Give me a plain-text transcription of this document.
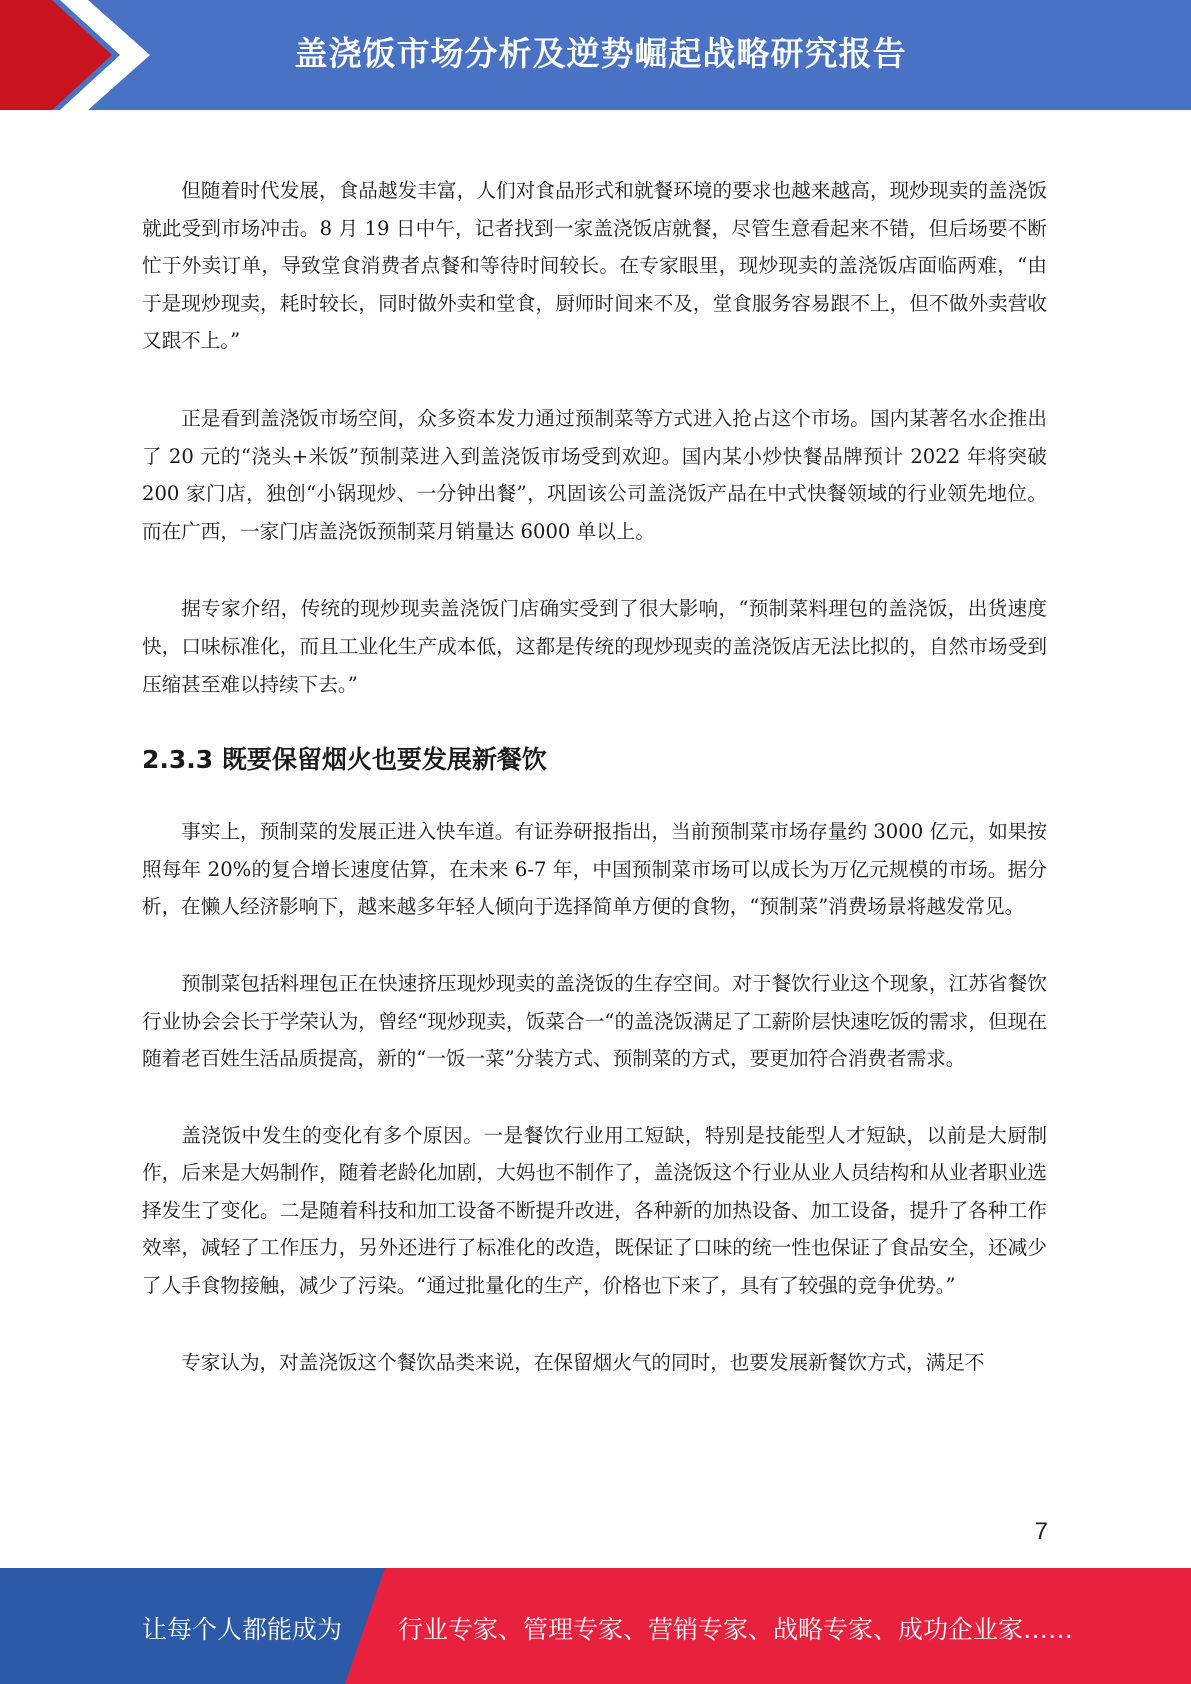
盖浇饭市场分析及逆势崛起战略研究报告

但随着时代发展，食品越发丰富，人们对食品形式和就餐环境的要求也越来越高，现炒现卖的盖浇饭就此受到市场冲击。8 月 19 日中午，记者找到一家盖浇饭店就餐，尽管生意看起来不错，但后场要不断忙于外卖订单，导致堂食消费者点餐和等待时间较长。在专家眼里，现炒现卖的盖浇饭店面临两难，“由于是现炒现卖，耗时较长，同时做外卖和堂食，厨师时间来不及，堂食服务容易跟不上，但不做外卖营收又跟不上。”

正是看到盖浇饭市场空间，众多资本发力通过预制菜等方式进入抢占这个市场。国内某著名水企推出了 20 元的“浇头+米饭”预制菜进入到盖浇饭市场受到欢迎。国内某小炒快餐品牌预计 2022 年将突破 200 家门店，独创“小锅现炒、一分钟出餐”，巩固该公司盖浇饭产品在中式快餐领域的行业领先地位。而在广西，一家门店盖浇饭预制菜月销量达 6000 单以上。

据专家介绍，传统的现炒现卖盖浇饭门店确实受到了很大影响，“预制菜料理包的盖浇饭，出货速度快，口味标准化，而且工业化生产成本低，这都是传统的现炒现卖的盖浇饭店无法比拟的，自然市场受到压缩甚至难以持续下去。”

2.3.3 既要保留烟火也要发展新餐饮

事实上，预制菜的发展正进入快车道。有证券研报指出，当前预制菜市场存量约 3000 亿元，如果按照每年 20%的复合增长速度估算，在未来 6-7 年，中国预制菜市场可以成长为万亿元规模的市场。据分析，在懒人经济影响下，越来越多年轻人倾向于选择简单方便的食物，“预制菜”消费场景将越发常见。

预制菜包括料理包正在快速挤压现炒现卖的盖浇饭的生存空间。对于餐饮行业这个现象，江苏省餐饮行业协会会长于学荣认为，曾经“现炒现卖，饭菜合一“的盖浇饭满足了工薪阶层快速吃饭的需求，但现在随着老百姓生活品质提高，新的“一饭一菜”分装方式、预制菜的方式，要更加符合消费者需求。

盖浇饭中发生的变化有多个原因。一是餐饮行业用工短缺，特别是技能型人才短缺，以前是大厨制作，后来是大妈制作，随着老龄化加剧，大妈也不制作了，盖浇饭这个行业从业人员结构和从业者职业选择发生了变化。二是随着科技和加工设备不断提升改进，各种新的加热设备、加工设备，提升了各种工作效率，减轻了工作压力，另外还进行了标准化的改造，既保证了口味的统一性也保证了食品安全，还减少了人手食物接触，减少了污染。“通过批量化的生产，价格也下来了，具有了较强的竞争优势。”

专家认为，对盖浇饭这个餐饮品类来说，在保留烟火气的同时，也要发展新餐饮方式，满足不

7
让每个人都能成为 行业专家、管理专家、营销专家、战略专家、成功企业家……
